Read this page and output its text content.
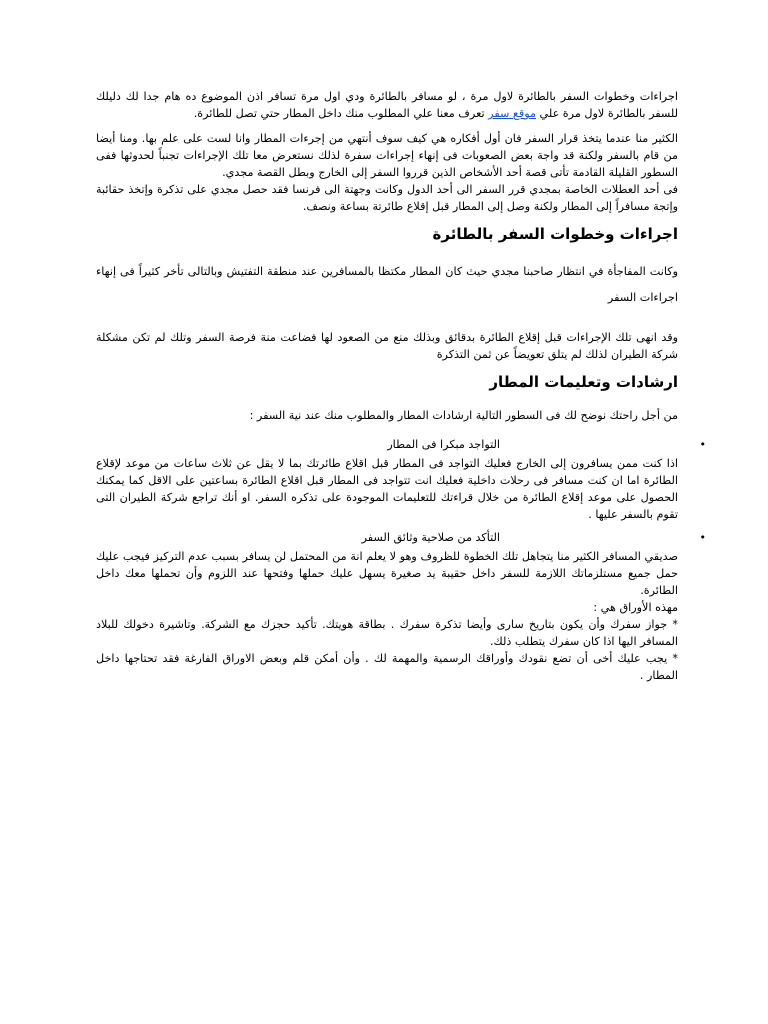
اجراءات وخطوات السفر بالطائرة لاول مرة ، لو مسافر بالطائرة ودي اول مرة تسافر اذن الموضوع ده هام جدا لك دليلك للسفر بالطائرة لاول مرة علي موقع سفر تعرف معنا علي المطلوب منك داخل المطار حتي تصل للطائرة.

الكثير منا عندما يتخذ قرار السفر فان أول أفكاره هي كيف سوف أنتهي من إجرءات المطار وانا لست على علم بها. ومنا أيضا من قام بالسفر ولكنة قد واجة بعض الصعوبات فى إنهاء إجراءات سفرة لذلك نستعرض معا تلك الإجراءات تجنباً لحدوثها ففى السطور القليلة القادمة تأتى قصة أحد الأشخاص الذين قرروا السفر إلى الخارج وبطل القصة مجدي.

فى أحد العطلات الخاصة بمجدي قرر السفر الى أحد الدول وكانت وجهتة الى فرنسا فقد حصل مجدي على تذكرة وإتخذ حقائبة وإتجة مسافراً إلى المطار ولكنة وصل إلى المطار قبل إقلاع طائرتة بساعة ونصف.

اجراءات وخطوات السفر بالطائرة

وكانت المفاجأة في انتظار صاحبنا مجدي حيث كان المطار مكتظا بالمسافرين عند منطقة التفتيش وبالتالى تأخر كثيراً فى إنهاء اجراءات السفر

وقد انهى تلك الإجراءات قبل إقلاع الطائرة بدقائق وبذلك منع من الصعود لها فضاعت منة فرصة السفر وتلك لم تكن مشكلة شركة الطيران لذلك لم يتلق تعويضاً عن ثمن التذكرة

ارشادات وتعليمات المطار

من أجل راحتك نوضح لك فى السطور التالية ارشادات المطار والمطلوب منك عند نية السفر :

•
التواجد مبكرا فى المطار
اذا كنت ممن يسافرون إلى الخارج فعليك التواجد فى المطار قبل اقلاع طائرتك بما لا يقل عن ثلاث ساعات من موعد لإقلاع الطائرة اما ان كنت مسافر فى رحلات داخلية فعليك انت تتواجد فى المطار قبل اقلاع الطائرة بساعتين على الاقل كما يمكنك الحصول على موعد إقلاع الطائرة من خلال قراءتك للتعليمات الموجودة على تذكره السفر. او أنك تراجع شركة الطيران التى تقوم بالسفر عليها .
•
التأكد من صلاحية وثائق السفر
صديقي المسافر الكثير منا يتجاهل تلك الخطوة للظروف وهو لا يعلم انة من المحتمل لن يسافر بسبب عدم التركيز فيجب عليك حمل جميع مستلزماتك اللازمة للسفر داخل حقيبة يد صغيرة يسهل عليك حملها وفتحها عند اللزوم وأن تحملها معك داخل الطائرة.
مهذه الأوراق هي :
* جواز سفرك وأن يكون بتاريخ سارى وأيضا تذكرة سفرك . بطاقة هويتك. تأكيد حجزك مع الشركة. وتاشيرة دخولك للبلاد المسافر اليها اذا كان سفرك يتطلب ذلك.
* يجب عليك أخى أن تضع نقودك وأوراقك الرسمية والمهمة لك . وأن أمكن قلم وبعض الاوراق الفارغة فقد تحتاجها داخل المطار .
